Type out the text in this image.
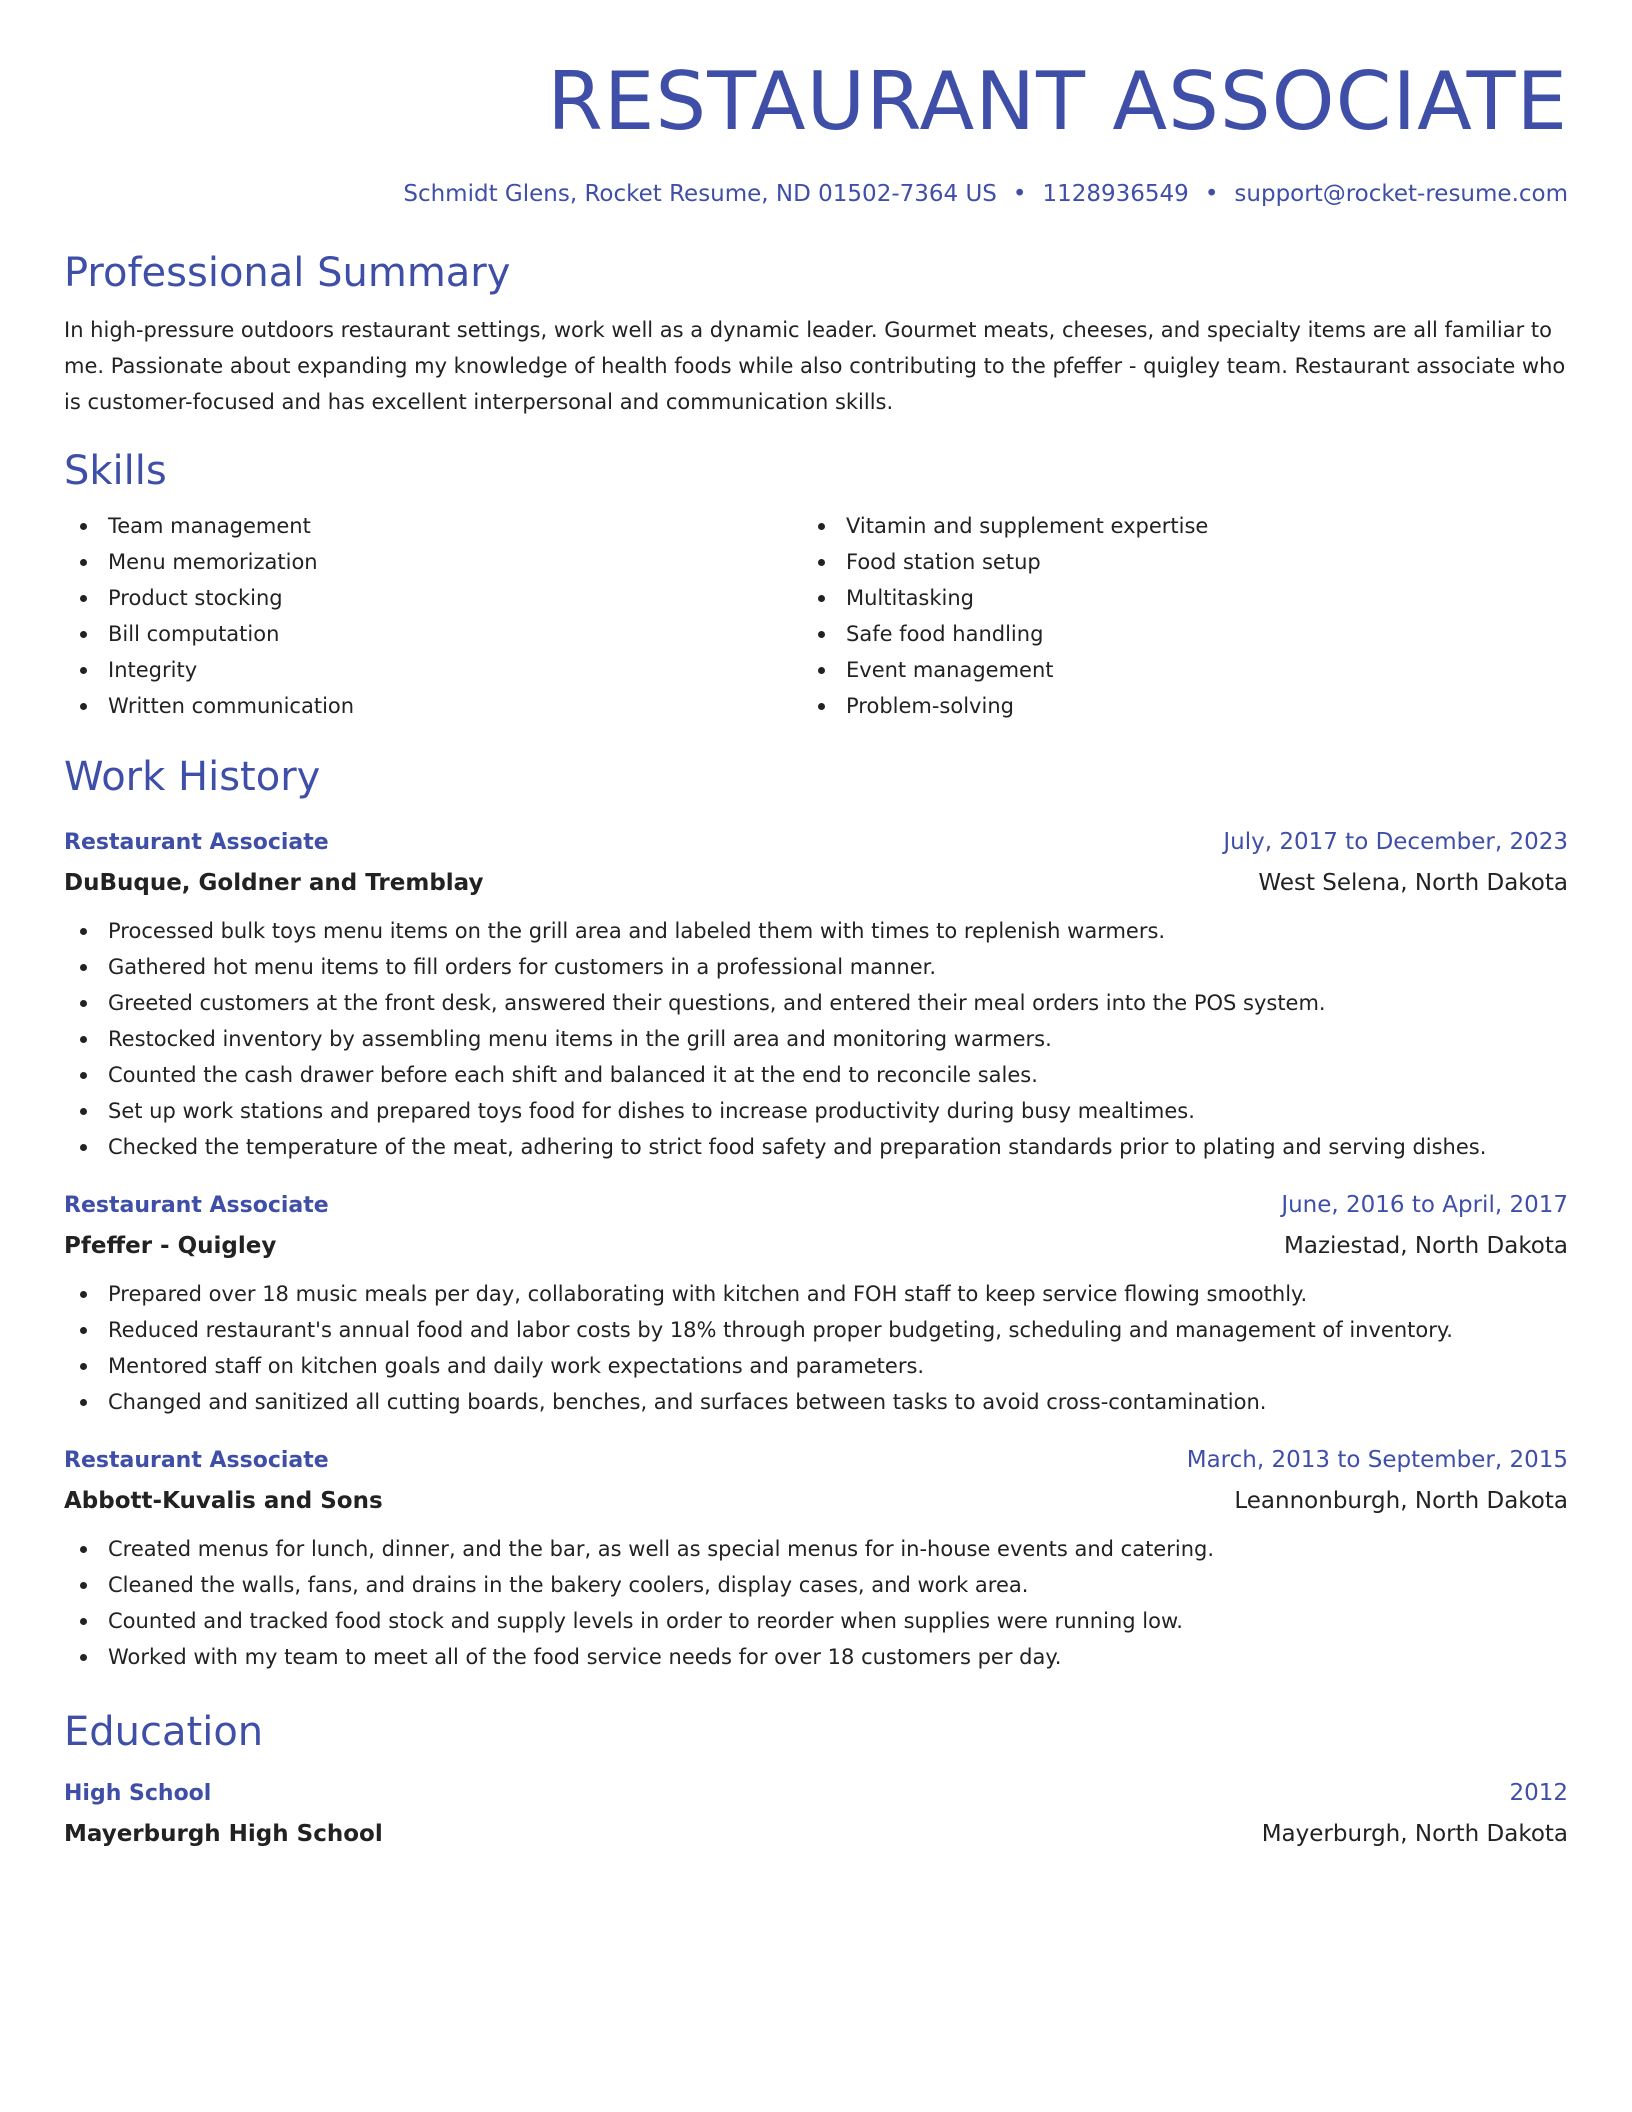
RESTAURANT ASSOCIATE
Schmidt Glens, Rocket Resume, ND 01502-7364 US • 1128936549 • support@rocket-resume.com
Professional Summary
In high-pressure outdoors restaurant settings, work well as a dynamic leader. Gourmet meats, cheeses, and specialty items are all familiar to me. Passionate about expanding my knowledge of health foods while also contributing to the pfeffer - quigley team. Restaurant associate who is customer-focused and has excellent interpersonal and communication skills.
Skills
Team management
Menu memorization
Product stocking
Bill computation
Integrity
Written communication
Vitamin and supplement expertise
Food station setup
Multitasking
Safe food handling
Event management
Problem-solving
Work History
Restaurant Associate	July, 2017 to December, 2023
DuBuque, Goldner and Tremblay	West Selena, North Dakota
Processed bulk toys menu items on the grill area and labeled them with times to replenish warmers.
Gathered hot menu items to fill orders for customers in a professional manner.
Greeted customers at the front desk, answered their questions, and entered their meal orders into the POS system.
Restocked inventory by assembling menu items in the grill area and monitoring warmers.
Counted the cash drawer before each shift and balanced it at the end to reconcile sales.
Set up work stations and prepared toys food for dishes to increase productivity during busy mealtimes.
Checked the temperature of the meat, adhering to strict food safety and preparation standards prior to plating and serving dishes.
Restaurant Associate	June, 2016 to April, 2017
Pfeffer - Quigley	Maziestad, North Dakota
Prepared over 18 music meals per day, collaborating with kitchen and FOH staff to keep service flowing smoothly.
Reduced restaurant's annual food and labor costs by 18% through proper budgeting, scheduling and management of inventory.
Mentored staff on kitchen goals and daily work expectations and parameters.
Changed and sanitized all cutting boards, benches, and surfaces between tasks to avoid cross-contamination.
Restaurant Associate	March, 2013 to September, 2015
Abbott-Kuvalis and Sons	Leannonburgh, North Dakota
Created menus for lunch, dinner, and the bar, as well as special menus for in-house events and catering.
Cleaned the walls, fans, and drains in the bakery coolers, display cases, and work area.
Counted and tracked food stock and supply levels in order to reorder when supplies were running low.
Worked with my team to meet all of the food service needs for over 18 customers per day.
Education
High School	2012
Mayerburgh High School	Mayerburgh, North Dakota
